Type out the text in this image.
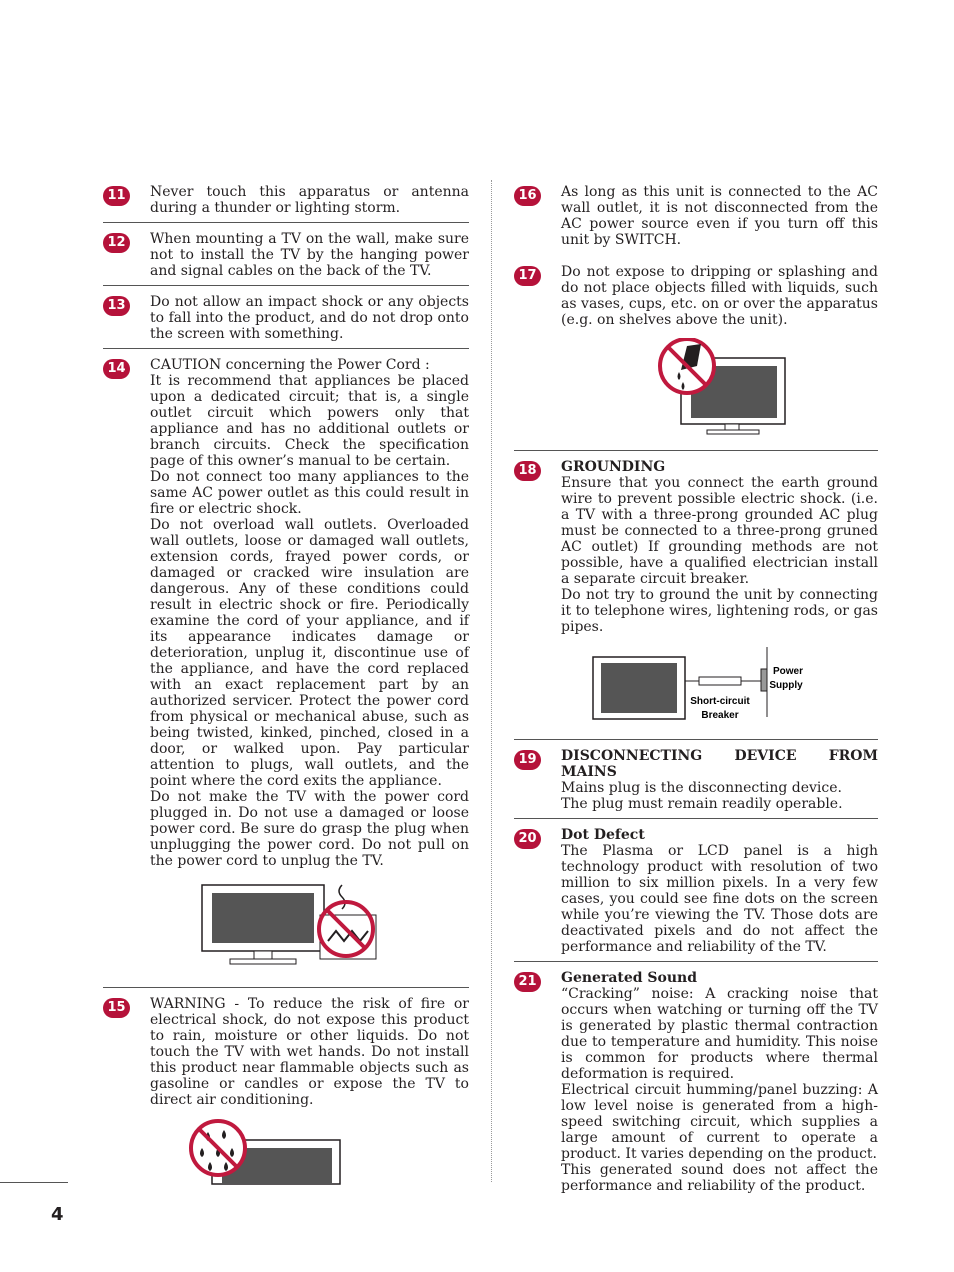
11	Never touch this apparatus or antenna during a thunder or lighting storm.

12	When mounting a TV on the wall, make sure not to install the TV by the hanging power and signal cables on the back of the TV.

13	Do not allow an impact shock or any objects to fall into the product, and do not drop onto the screen with something.

14	CAUTION concerning the Power Cord :

It is recommend that appliances be placed upon a dedicated circuit; that is, a single outlet circuit which powers only that appliance and has no additional outlets or branch circuits. Check the specification page of this owner’s manual to be certain.

Do not connect too many appliances to the same AC power outlet as this could result in fire or electric shock.

Do not overload wall outlets. Overloaded wall outlets, loose or damaged wall outlets, extension cords, frayed power cords, or damaged or cracked wire insulation are dangerous. Any of these conditions could result in electric shock or fire. Periodically examine the cord of your appliance, and if its appearance indicates damage or deterioration, unplug it, discontinue use of the appliance, and have the cord replaced with an exact replacement part by an authorized servicer. Protect the power cord from physical or mechanical abuse, such as being twisted, kinked, pinched, closed in a door, or walked upon. Pay particular attention to plugs, wall outlets, and the point where the cord exits the appliance.

Do not make the TV with the power cord plugged in. Do not use a damaged or loose power cord. Be sure do grasp the plug when unplugging the power cord. Do not pull on the power cord to unplug the TV.

15	WARNING - To reduce the risk of fire or electrical shock, do not expose this product to rain, moisture or other liquids. Do not touch the TV with wet hands. Do not install this product near flammable objects such as gasoline or candles or expose the TV to direct air conditioning.

16	As long as this unit is connected to the AC wall outlet, it is not disconnected from the AC power source even if you turn off this unit by SWITCH.

17	Do not expose to dripping or splashing and do not place objects filled with liquids, such as vases, cups, etc. on or over the apparatus (e.g. on shelves above the unit).

18	GROUNDING

Ensure that you connect the earth ground wire to prevent possible electric shock. (i.e. a TV with a three-prong grounded AC plug must be connected to a three-prong gruned AC outlet) If grounding methods are not possible, have a qualified electrician install a separate circuit breaker.

Do not try to ground the unit by connecting it to telephone wires, lightening rods, or gas pipes.

Short-circuit
Breaker
Power
Supply
19	DISCONNECTING DEVICE FROM MAINS

Mains plug is the disconnecting device.

The plug must remain readily operable.

20	Dot Defect

The Plasma or LCD panel is a high technology product with resolution of two million to six million pixels. In a very few cases, you could see fine dots on the screen while you’re viewing the TV. Those dots are deactivated pixels and do not affect the performance and reliability of the TV.

21	Generated Sound

“Cracking” noise: A cracking noise that occurs when watching or turning off the TV is generated by plastic thermal contraction due to temperature and humidity. This noise is common for products where thermal deformation is required.

Electrical circuit humming/panel buzzing: A low level noise is generated from a high-speed switching circuit, which supplies a large amount of current to operate a product. It varies depending on the product.

This generated sound does not affect the performance and reliability of the product.

4
